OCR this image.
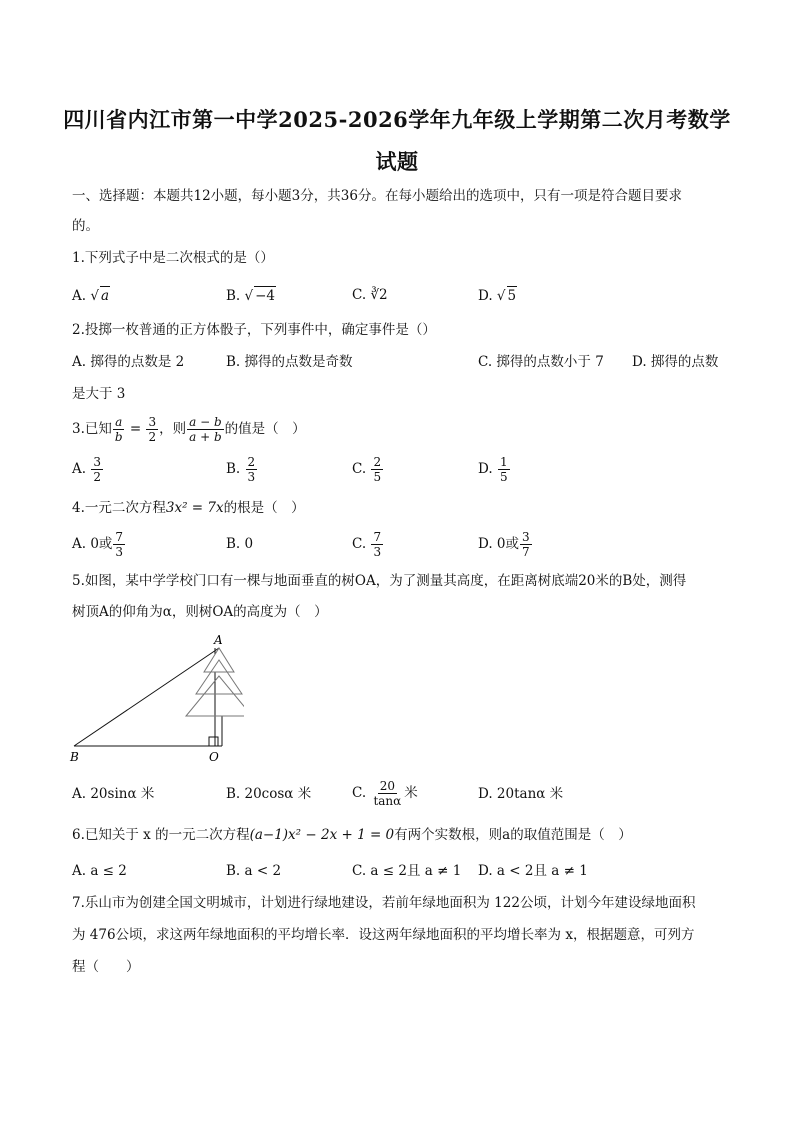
四川省内江市第一中学2025-2026学年九年级上学期第二次月考数学
试题
一、选择题：本题共12小题，每小题3分，共36分。在每小题给出的选项中，只有一项是符合题目要求
的。
1.下列式子中是二次根式的是（）
A. √ a	B. √ −4	C. ∛2	D. √ 5
2.投掷一枚普通的正方体骰子，下列事件中，确定事件是（）
A. 掷得的点数是 2	B. 掷得的点数是奇数	C. 掷得的点数小于 7 D. 掷得的点数
是大于 3
3.已知 $\frac{a}{b} = \frac{3}{2}$ ，则 $\frac{a - b}{a + b}$ 的值是（　）
A. $\frac{3}{2}$	B. $\frac{2}{3}$	C. $\frac{2}{5}$	D. $\frac{1}{5}$
4.一元二次方程3x² = 7x的根是（　）
A. 0或 $\frac{7}{3}$	B. 0	C. $\frac{7}{3}$	D. 0或 $\frac{3}{7}$
5.如图，某中学学校门口有一棵与地面垂直的树OA，为了测量其高度，在距离树底端20米的B处，测得
树顶A的仰角为α，则树OA的高度为（　）
A
B	O
A. 20sinα 米	B. 20cosα 米	C. $\frac{20}{\tan\alpha}$ 米	D. 20tanα 米
6.已知关于 x 的一元二次方程(a−1)x² − 2x + 1 = 0有两个实数根，则a的取值范围是（　）
A. a ≤ 2	B. a < 2	C. a ≤ 2且 a ≠ 1 D. a < 2且 a ≠ 1
7.乐山市为创建全国文明城市，计划进行绿地建设，若前年绿地面积为 122公顷，计划今年建设绿地面积
为 476公顷，求这两年绿地面积的平均增长率．设这两年绿地面积的平均增长率为 x，根据题意，可列方
程（　　）
